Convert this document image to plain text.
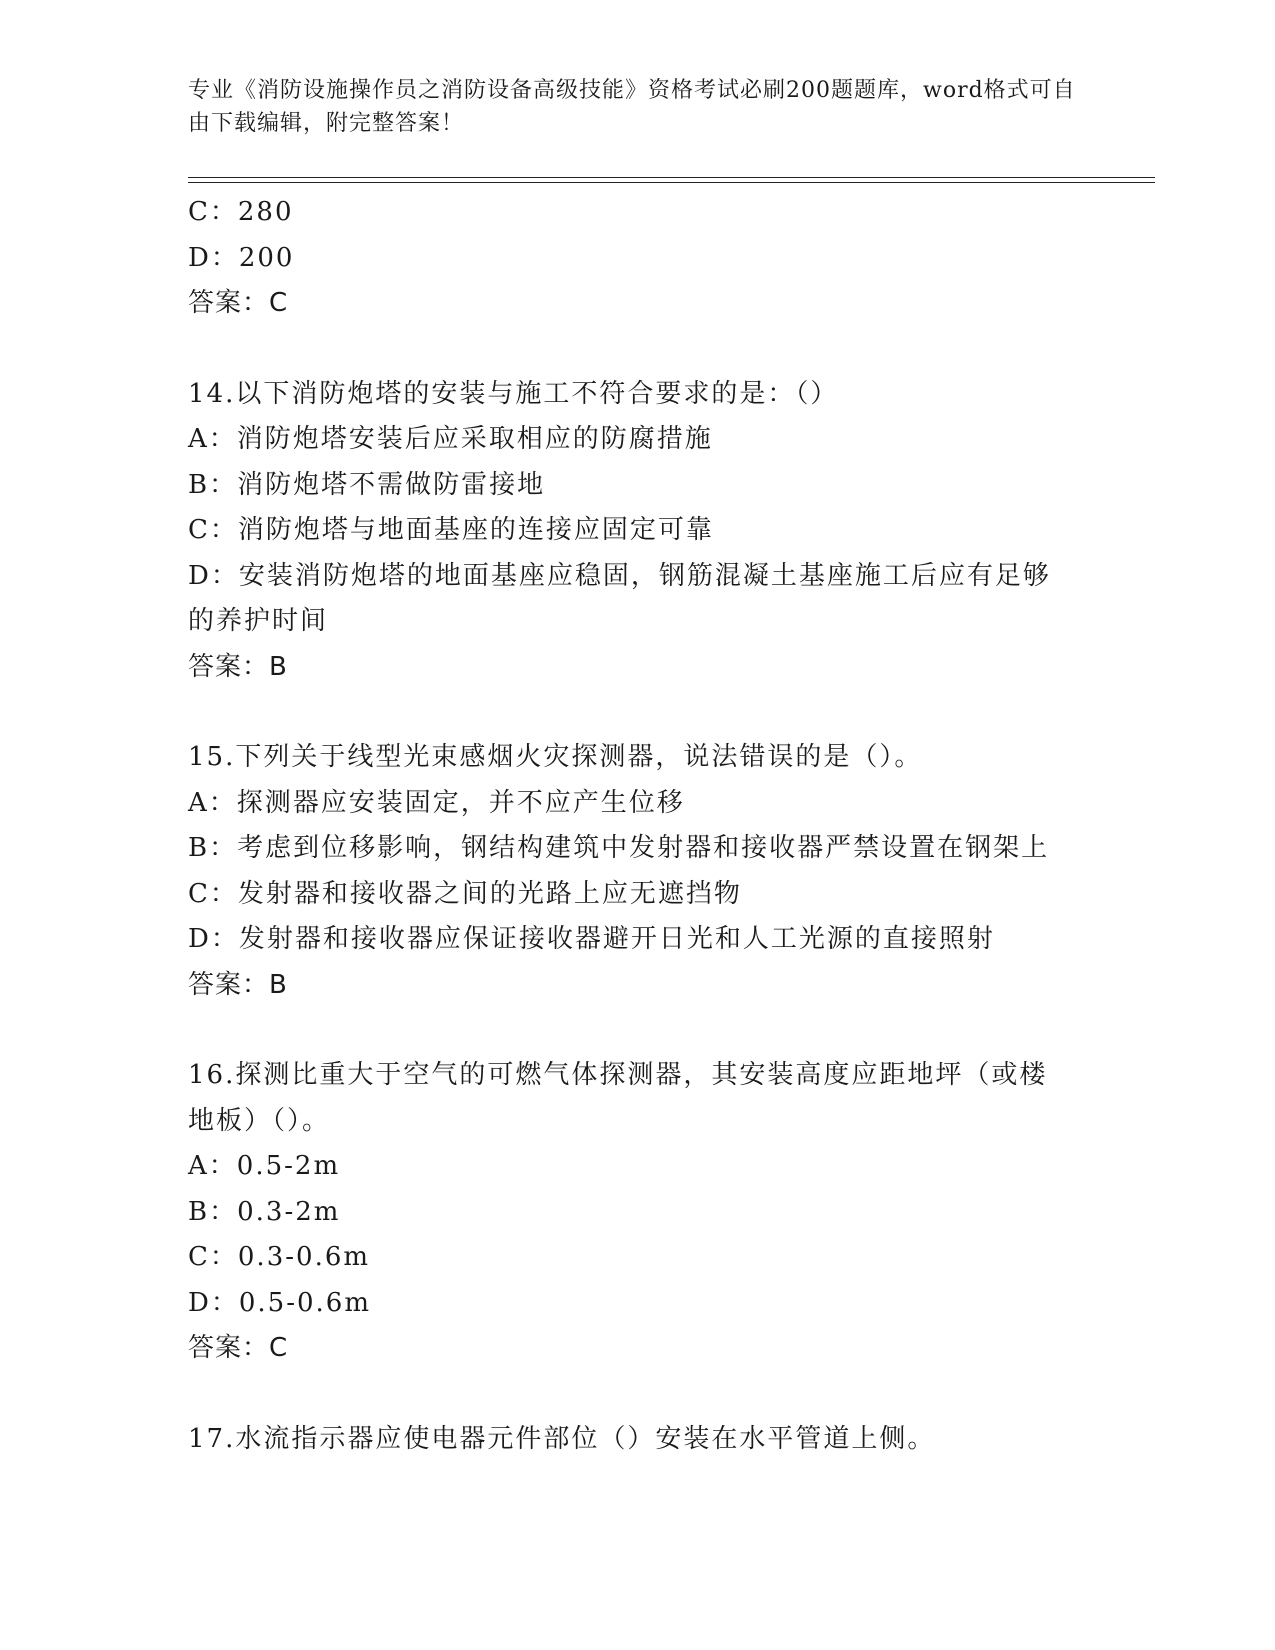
专业《消防设施操作员之消防设备高级技能》资格考试必刷200题题库，word格式可自由下载编辑，附完整答案！
C：280
D：200
答案：C
14.以下消防炮塔的安装与施工不符合要求的是：（）
A：消防炮塔安装后应采取相应的防腐措施
B：消防炮塔不需做防雷接地
C：消防炮塔与地面基座的连接应固定可靠
D：安装消防炮塔的地面基座应稳固，钢筋混凝土基座施工后应有足够
的养护时间
答案：B
15.下列关于线型光束感烟火灾探测器，说法错误的是（）。
A：探测器应安装固定，并不应产生位移
B：考虑到位移影响，钢结构建筑中发射器和接收器严禁设置在钢架上
C：发射器和接收器之间的光路上应无遮挡物
D：发射器和接收器应保证接收器避开日光和人工光源的直接照射
答案：B
16.探测比重大于空气的可燃气体探测器，其安装高度应距地坪（或楼
地板）（）。
A：0.5-2m
B：0.3-2m
C：0.3-0.6m
D：0.5-0.6m
答案：C
17.水流指示器应使电器元件部位（）安装在水平管道上侧。
